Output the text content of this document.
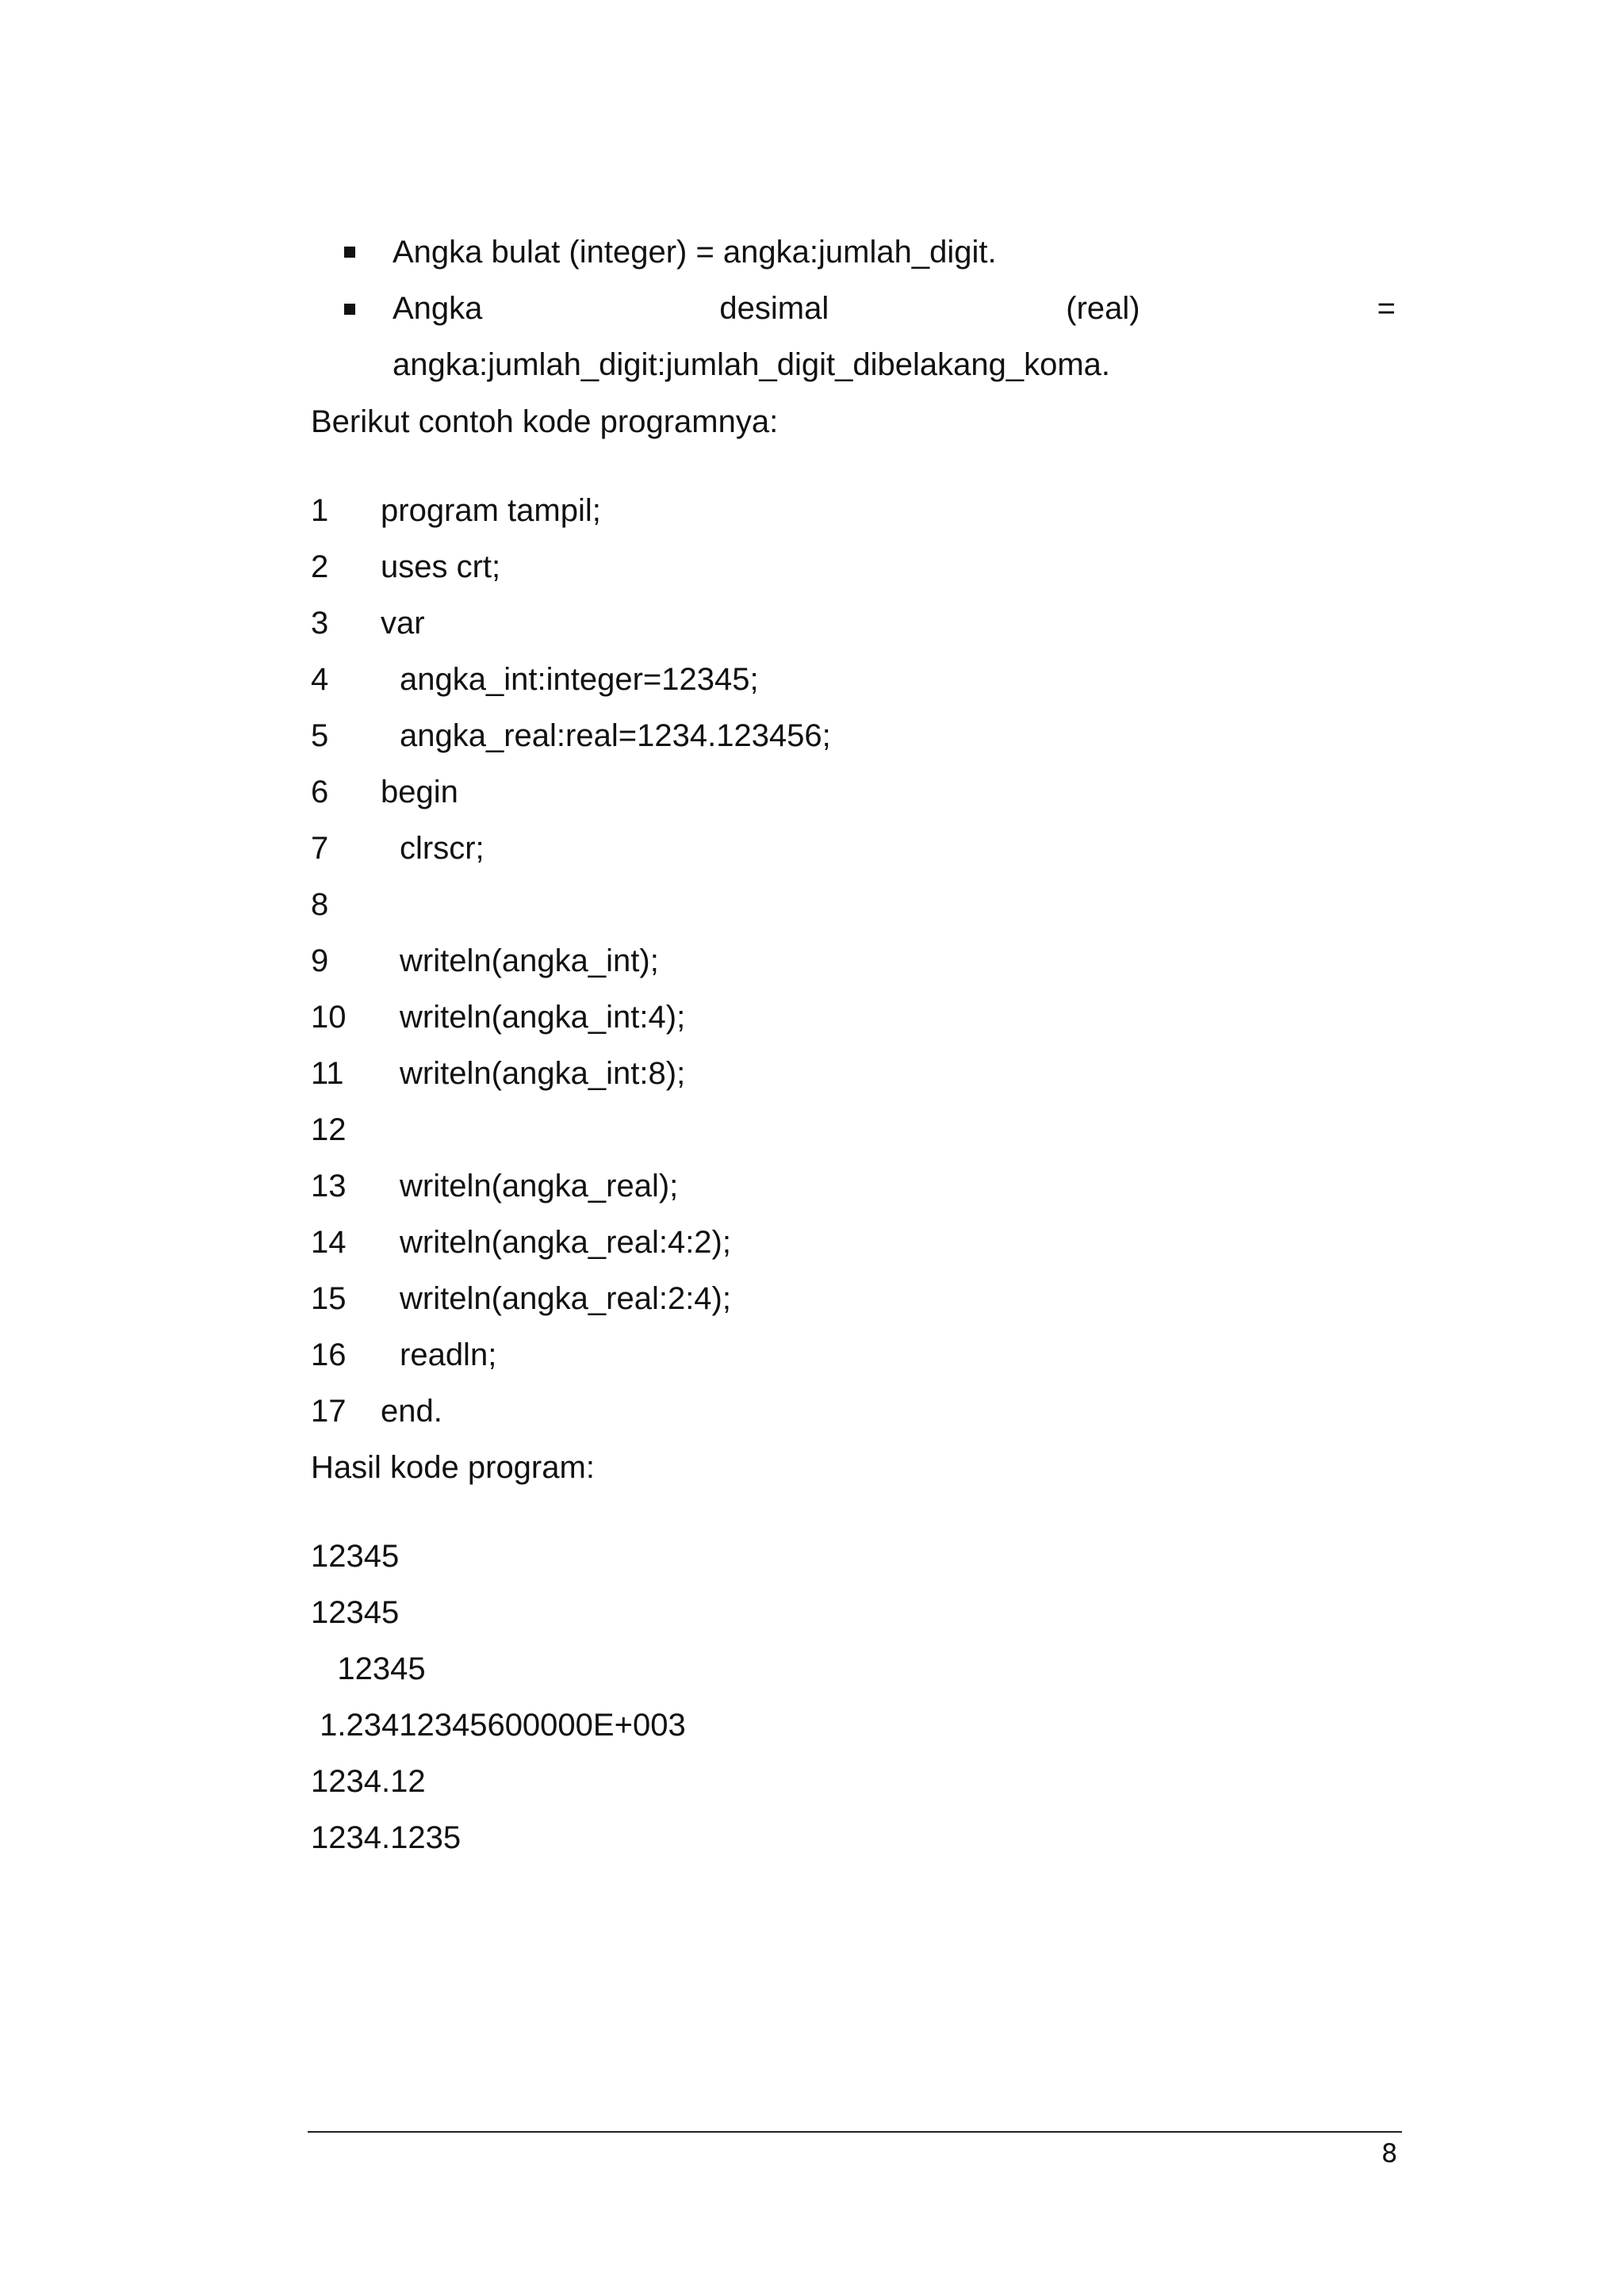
Angka bulat (integer) = angka:jumlah_digit.
Angka	desimal	(real)	=
angka:jumlah_digit:jumlah_digit_dibelakang_koma.
Berikut contoh kode programnya:
1 program tampil;
2 uses crt;
3 var
4 angka_int:integer=12345;
5 angka_real:real=1234.123456;
6 begin
7 clrscr;
8
9 writeln(angka_int);
10 writeln(angka_int:4);
11 writeln(angka_int:8);
12
13 writeln(angka_real);
14 writeln(angka_real:4:2);
15 writeln(angka_real:2:4);
16 readln;
17 end.
Hasil kode program:
12345
12345
12345
1.23412345600000E+003
1234.12
1234.1235
8
